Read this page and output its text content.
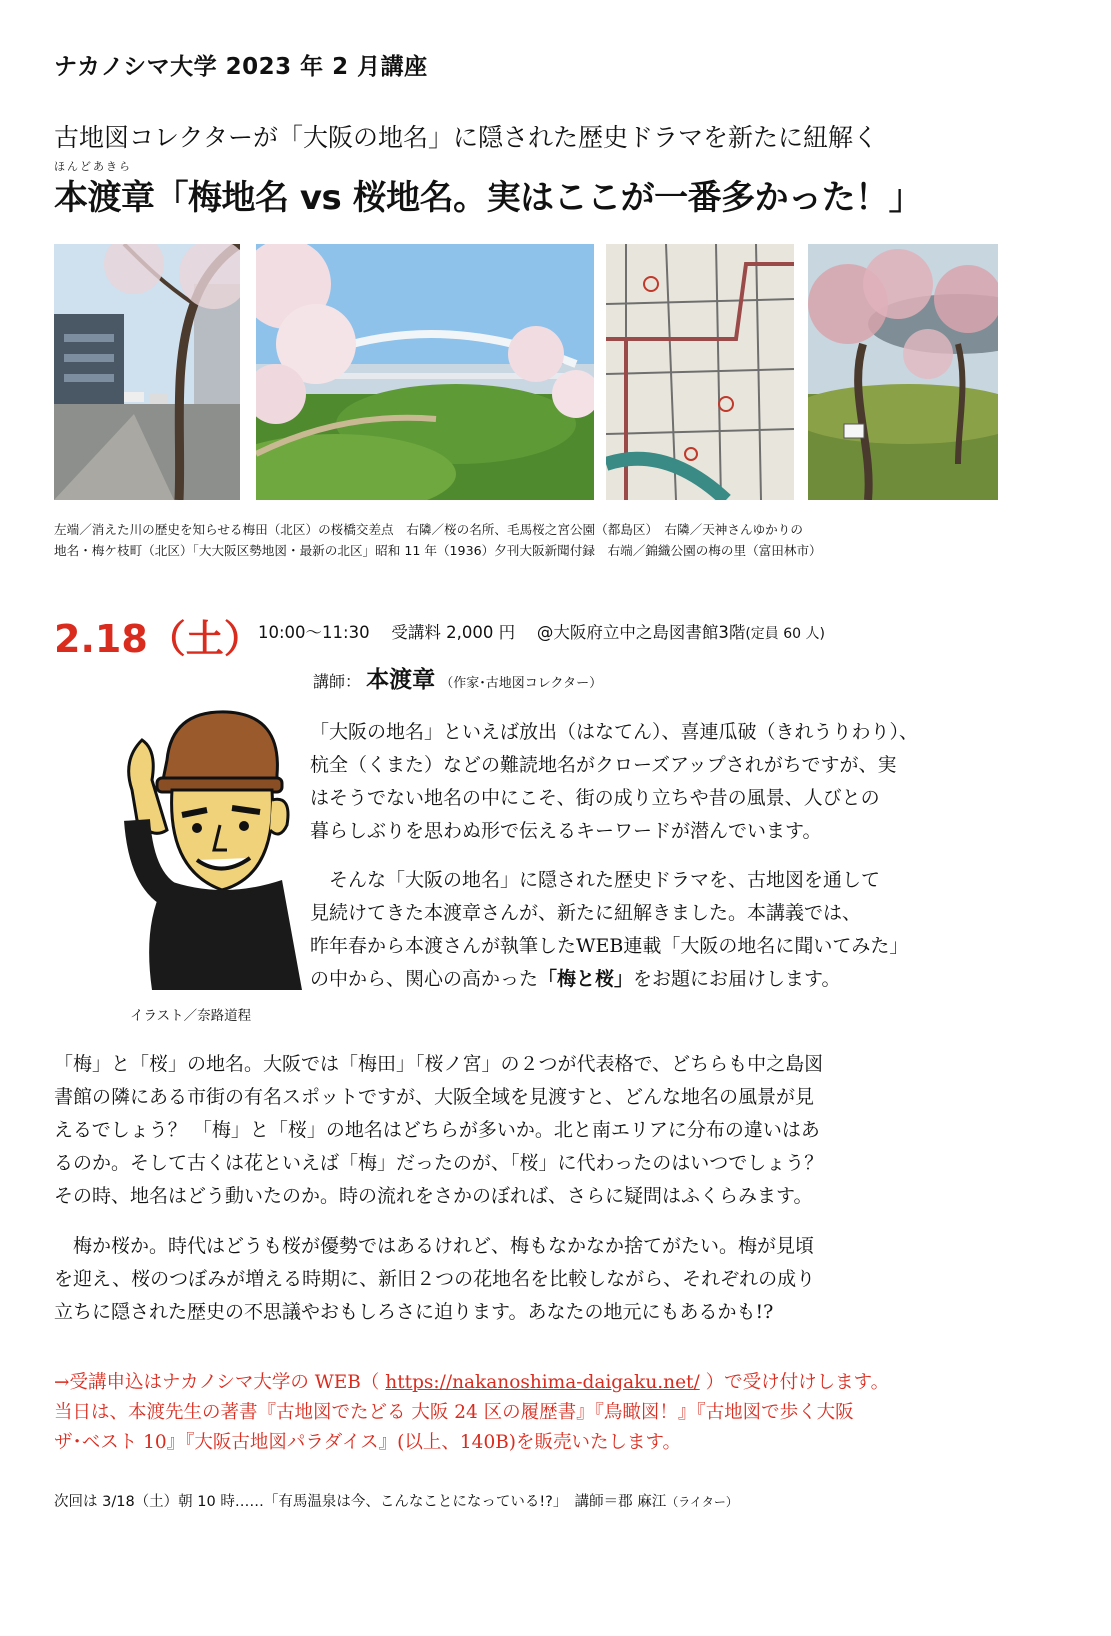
ナカノシマ大学 2023 年 2 月講座
古地図コレクターが「大阪の地名」に隠された歴史ドラマを新たに紐解く
ほんどあきら
本渡章「梅地名 vs 桜地名。実はここが一番多かった！」
左端／消えた川の歴史を知らせる梅田（北区）の桜橋交差点　右隣／桜の名所、毛馬桜之宮公園（都島区）　右隣／天神さんゆかりの
地名・梅ケ枝町（北区）「大大阪区勢地図・最新の北区」昭和 11 年（1936）夕刊大阪新聞付録　右端／錦織公園の梅の里（富田林市）
2.18（土）
10:00～11:30　 受講料 2,000 円　 @大阪府立中之島図書館3階(定員 60 人)
講師： 本渡章 （作家･古地図コレクター）
イラスト／奈路道程
「大阪の地名」といえば放出（はなてん）、喜連瓜破（きれうりわり）、
杭全（くまた）などの難読地名がクローズアップされがちですが、実
はそうでない地名の中にこそ、街の成り立ちや昔の風景、人びとの
暮らしぶりを思わぬ形で伝えるキーワードが潜んでいます。
　そんな「大阪の地名」に隠された歴史ドラマを、古地図を通して
見続けてきた本渡章さんが、新たに紐解きました。本講義では、
昨年春から本渡さんが執筆したWEB連載「大阪の地名に聞いてみた」
の中から、関心の高かった「梅と桜」をお題にお届けします。
「梅」と「桜」の地名。大阪では「梅田」「桜ノ宮」の２つが代表格で、どちらも中之島図
書館の隣にある市街の有名スポットですが、大阪全域を見渡すと、どんな地名の風景が見
えるでしょう？ 「梅」と「桜」の地名はどちらが多いか。北と南エリアに分布の違いはあ
るのか。そして古くは花といえば「梅」だったのが、「桜」に代わったのはいつでしょう？
その時、地名はどう動いたのか。時の流れをさかのぼれば、さらに疑問はふくらみます。
　梅か桜か。時代はどうも桜が優勢ではあるけれど、梅もなかなか捨てがたい。梅が見頃
を迎え、桜のつぼみが増える時期に、新旧２つの花地名を比較しながら、それぞれの成り
立ちに隠された歴史の不思議やおもしろさに迫ります。あなたの地元にもあるかも!?
→受講申込はナカノシマ大学の WEB（ https://nakanoshima-daigaku.net/ ）で受け付けします。
当日は、本渡先生の著書『古地図でたどる 大阪 24 区の履歴書』『鳥瞰図！』『古地図で歩く大阪
ザ･ベスト 10』『大阪古地図パラダイス』(以上、140B)を販売いたします。
次回は 3/18（土）朝 10 時……「有馬温泉は今、こんなことになっている!?」　講師＝郡 麻江（ライター）
